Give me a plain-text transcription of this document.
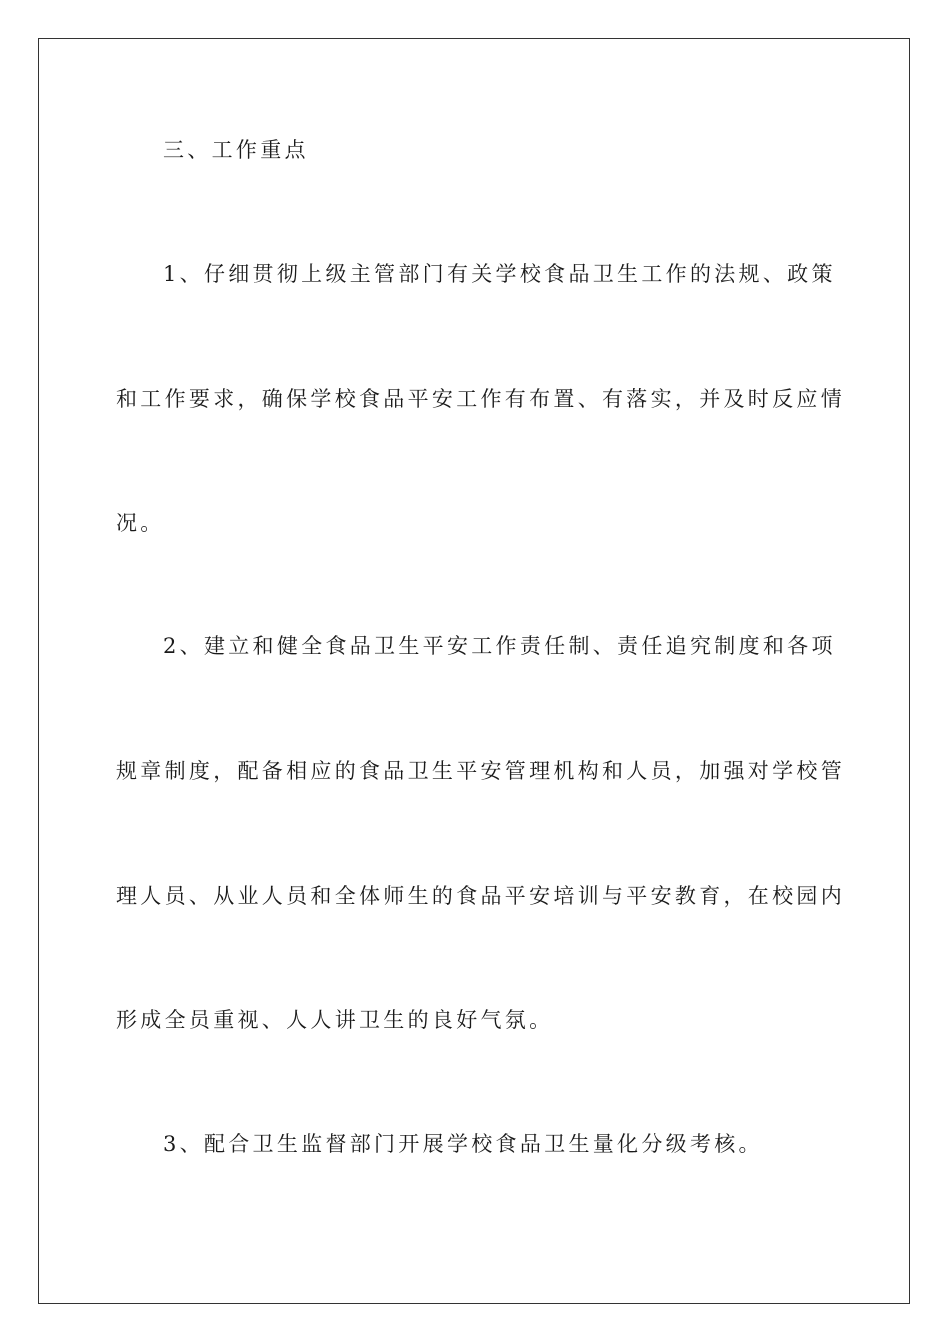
三、工作重点
1、仔细贯彻上级主管部门有关学校食品卫生工作的法规、政策
和工作要求，确保学校食品平安工作有布置、有落实，并及时反应情
况。
2、建立和健全食品卫生平安工作责任制、责任追究制度和各项
规章制度，配备相应的食品卫生平安管理机构和人员，加强对学校管
理人员、从业人员和全体师生的食品平安培训与平安教育，在校园内
形成全员重视、人人讲卫生的良好气氛。
3、配合卫生监督部门开展学校食品卫生量化分级考核。
